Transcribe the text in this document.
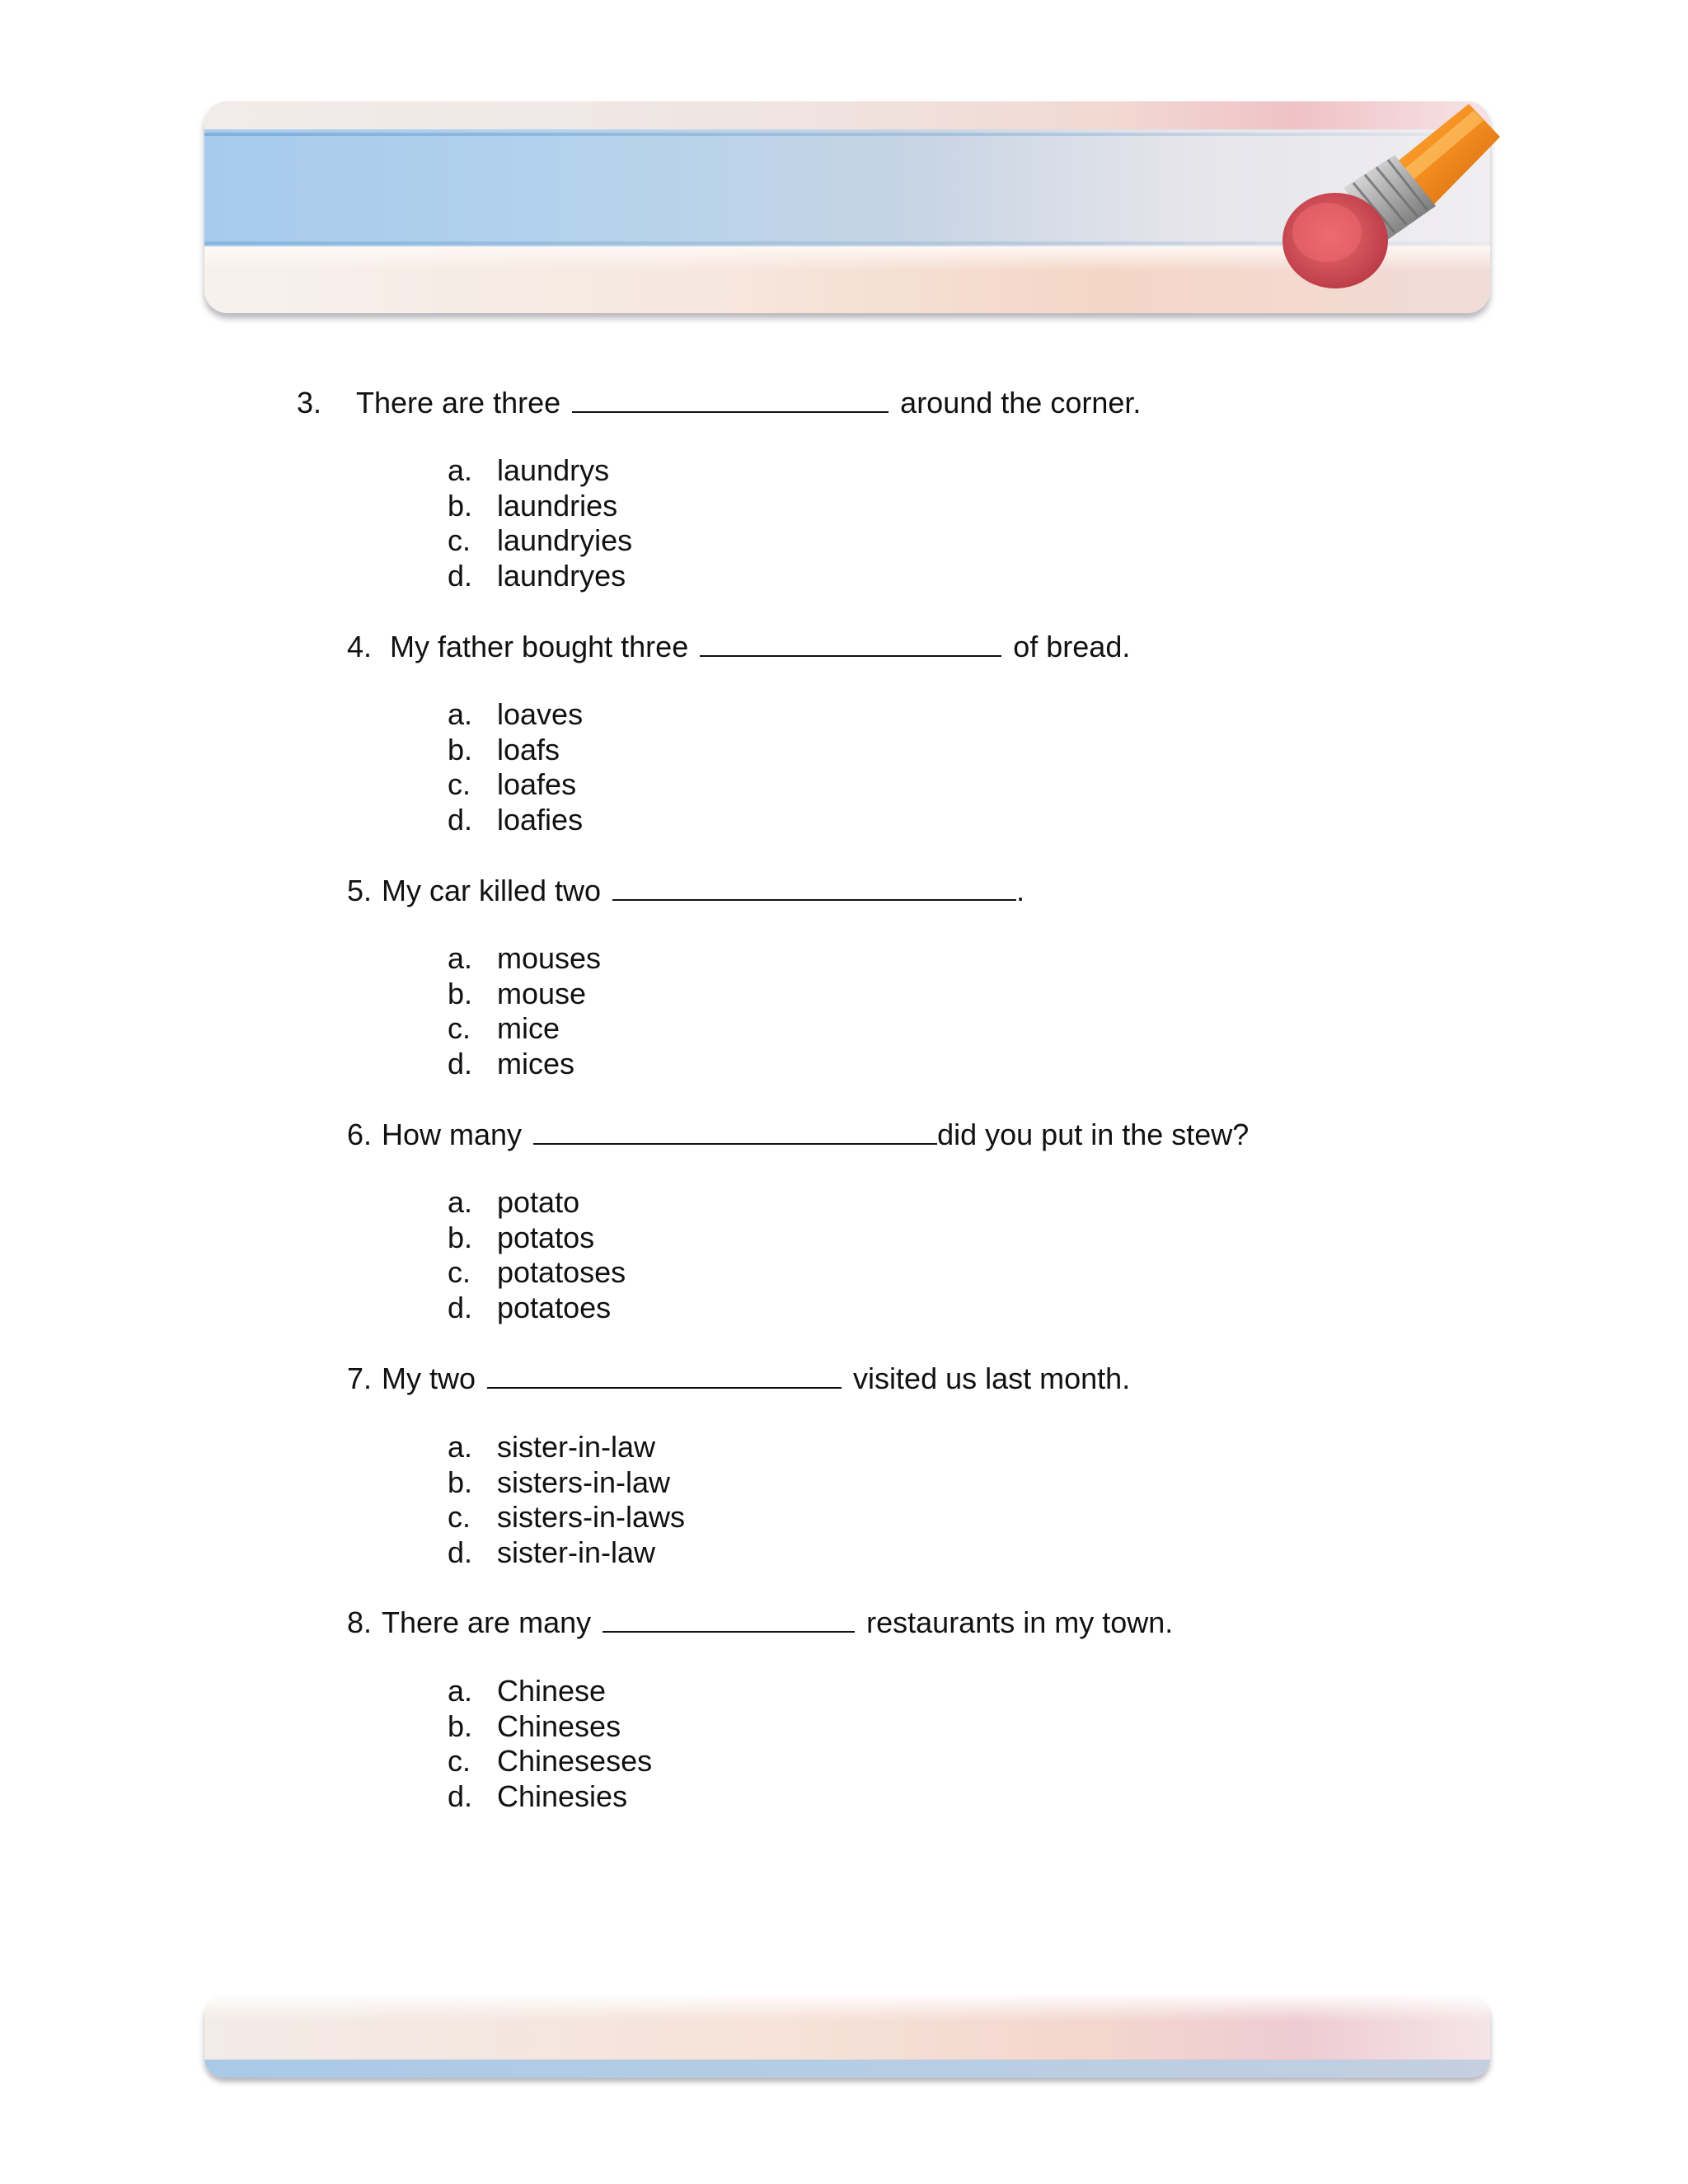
3. There are three	around the corner.
a. laundrys
b. laundries
c. laundryies
d. laundryes
4. My father bought three	of bread.
a. loaves
b. loafs
c. loafes
d. loafies
5. My car killed two	.
a. mouses
b. mouse
c. mice
d. mices
6. How many	did you put in the stew?
a. potato
b. potatos
c. potatoses
d. potatoes
7. My two	visited us last month.
a. sister-in-law
b. sisters-in-law
c. sisters-in-laws
d. sister-in-law
8. There are many	restaurants in my town.
a. Chinese
b. Chineses
c. Chineseses
d. Chinesies
